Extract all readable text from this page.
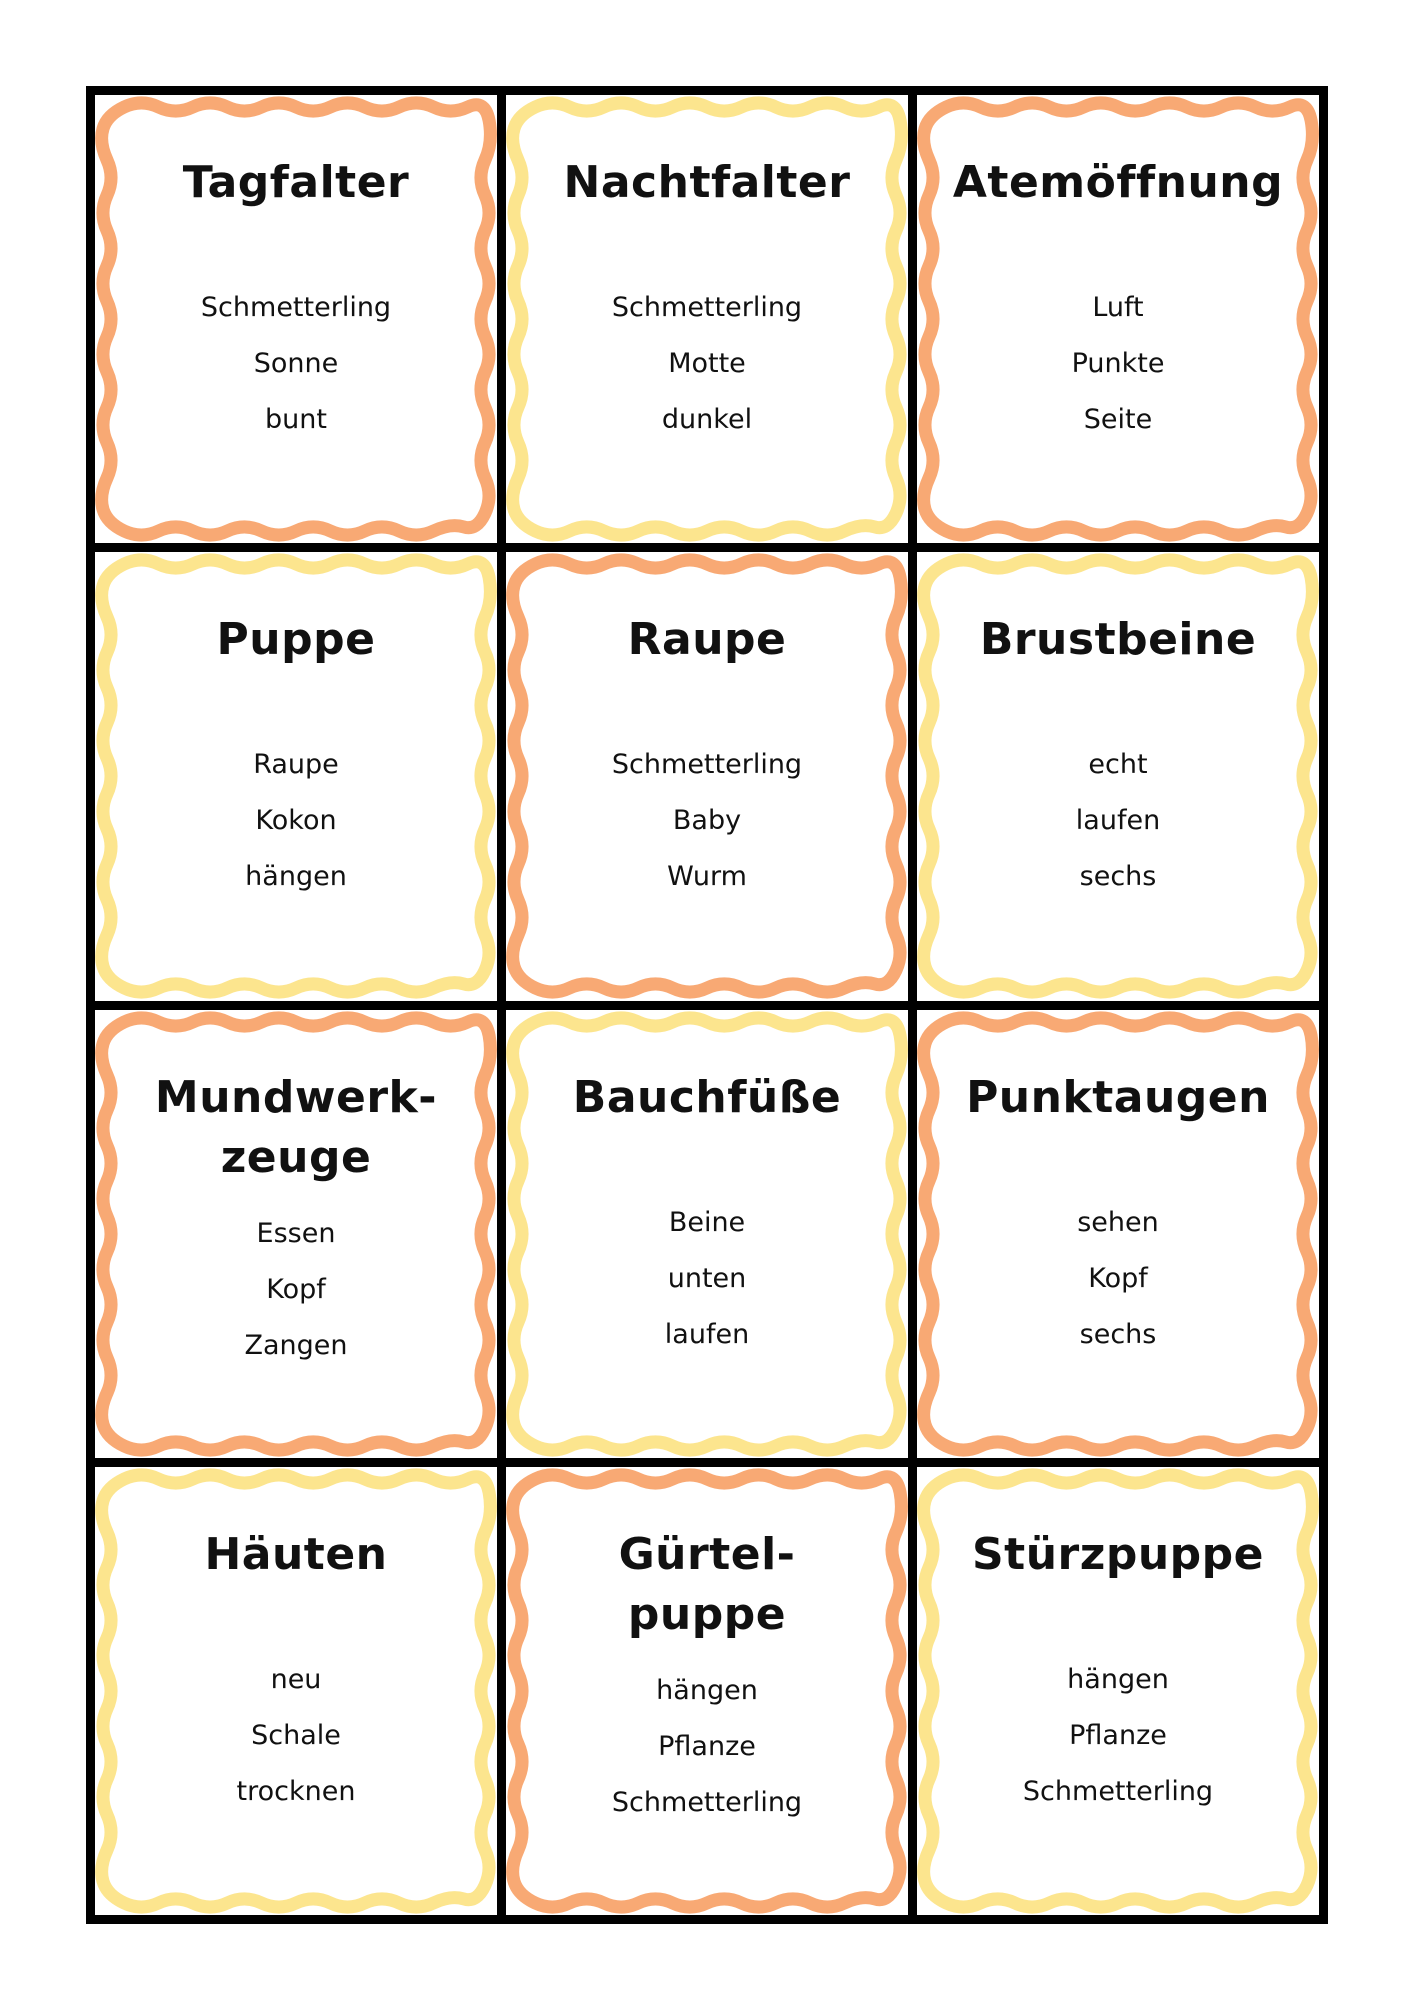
Tagfalter
Schmetterling
Sonne
bunt
Nachtfalter
Schmetterling
Motte
dunkel
Atemöffnung
Luft
Punkte
Seite
Puppe
Raupe
Kokon
hängen
Raupe
Schmetterling
Baby
Wurm
Brustbeine
echt
laufen
sechs
Mundwerk-
zeuge
Essen
Kopf
Zangen
Bauchfüße
Beine
unten
laufen
Punktaugen
sehen
Kopf
sechs
Häuten
neu
Schale
trocknen
Gürtel-
puppe
hängen
Pflanze
Schmetterling
Stürzpuppe
hängen
Pflanze
Schmetterling
